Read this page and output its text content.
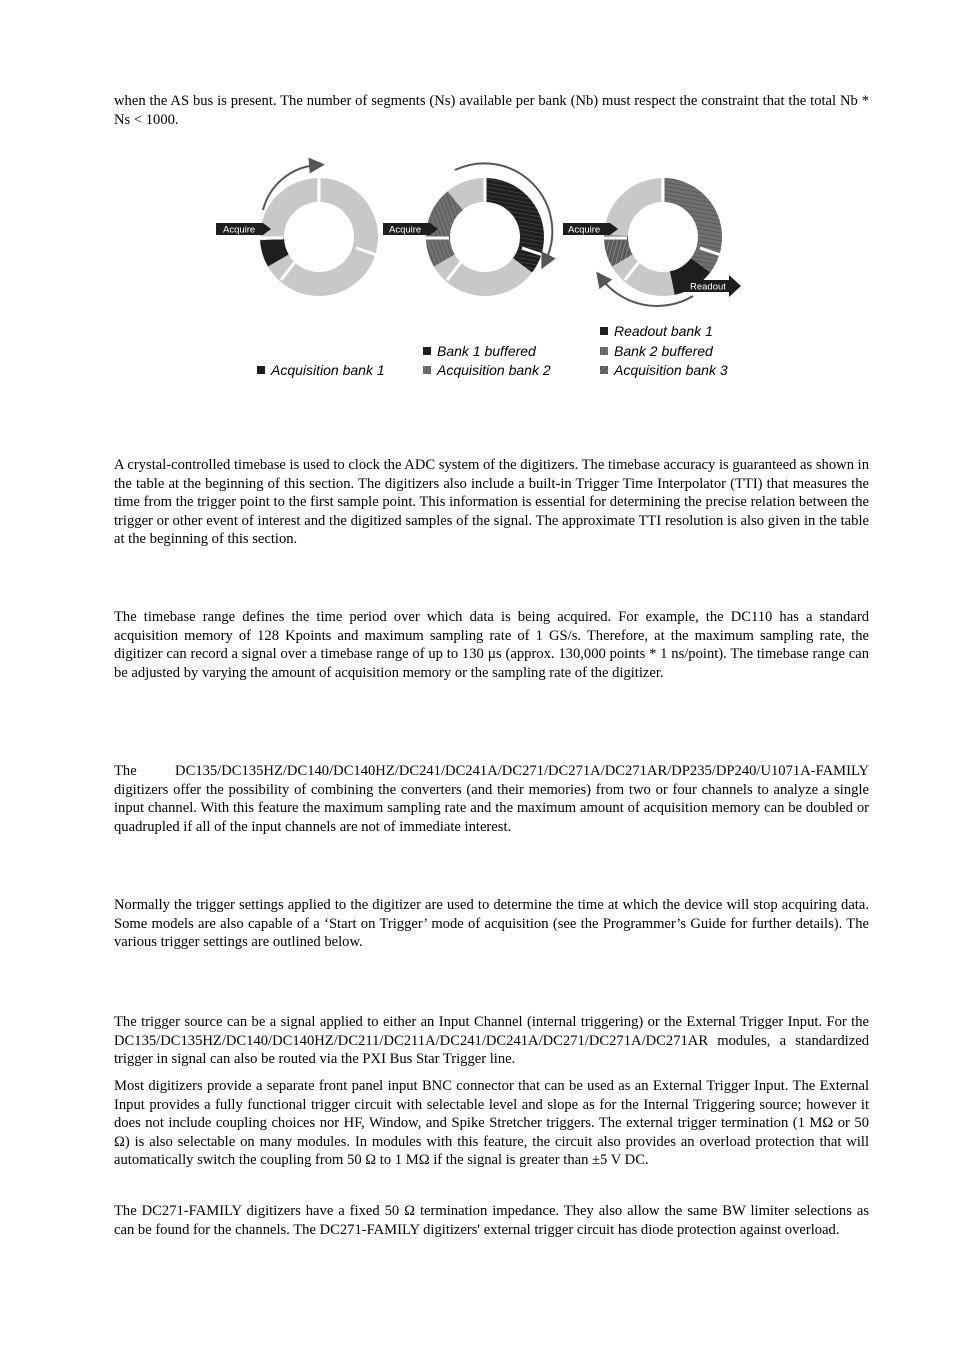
when the AS bus is present. The number of segments (Ns) available per bank (Nb) must respect the constraint that the total Nb * Ns < 1000.

Acquire	Acquire	Acquire
Readout
Acquisition bank 1
Bank 1 buffered
Acquisition bank 2
Readout bank 1
Bank 2 buffered
Acquisition bank 3

A crystal-controlled timebase is used to clock the ADC system of the digitizers. The timebase accuracy is guaranteed as shown in the table at the beginning of this section. The digitizers also include a built-in Trigger Time Interpolator (TTI) that measures the time from the trigger point to the first sample point. This information is essential for determining the precise relation between the trigger or other event of interest and the digitized samples of the signal. The approximate TTI resolution is also given in the table at the beginning of this section.

The timebase range defines the time period over which data is being acquired. For example, the DC110 has a standard acquisition memory of 128 Kpoints and maximum sampling rate of 1 GS/s. Therefore, at the maximum sampling rate, the digitizer can record a signal over a timebase range of up to 130 µs (approx. 130,000 points * 1 ns/point). The timebase range can be adjusted by varying the amount of acquisition memory or the sampling rate of the digitizer.

The DC135/DC135HZ/DC140/DC140HZ/DC241/DC241A/DC271/DC271A/DC271AR/DP235/DP240/U1071A-FAMILY digitizers offer the possibility of combining the converters (and their memories) from two or four channels to analyze a single input channel. With this feature the maximum sampling rate and the maximum amount of acquisition memory can be doubled or quadrupled if all of the input channels are not of immediate interest.

Normally the trigger settings applied to the digitizer are used to determine the time at which the device will stop acquiring data. Some models are also capable of a ‘Start on Trigger’ mode of acquisition (see the Programmer’s Guide for further details). The various trigger settings are outlined below.

The trigger source can be a signal applied to either an Input Channel (internal triggering) or the External Trigger Input. For the DC135/DC135HZ/DC140/DC140HZ/DC211/DC211A/DC241/DC241A/DC271/DC271A/DC271AR modules, a standardized trigger in signal can also be routed via the PXI Bus Star Trigger line.

Most digitizers provide a separate front panel input BNC connector that can be used as an External Trigger Input. The External Input provides a fully functional trigger circuit with selectable level and slope as for the Internal Triggering source; however it does not include coupling choices nor HF, Window, and Spike Stretcher triggers. The external trigger termination (1 MΩ or 50 Ω) is also selectable on many modules. In modules with this feature, the circuit also provides an overload protection that will automatically switch the coupling from 50 Ω to 1 MΩ if the signal is greater than ±5 V DC.

The DC271-FAMILY digitizers have a fixed 50 Ω termination impedance. They also allow the same BW limiter selections as can be found for the channels. The DC271-FAMILY digitizers' external trigger circuit has diode protection against overload.
